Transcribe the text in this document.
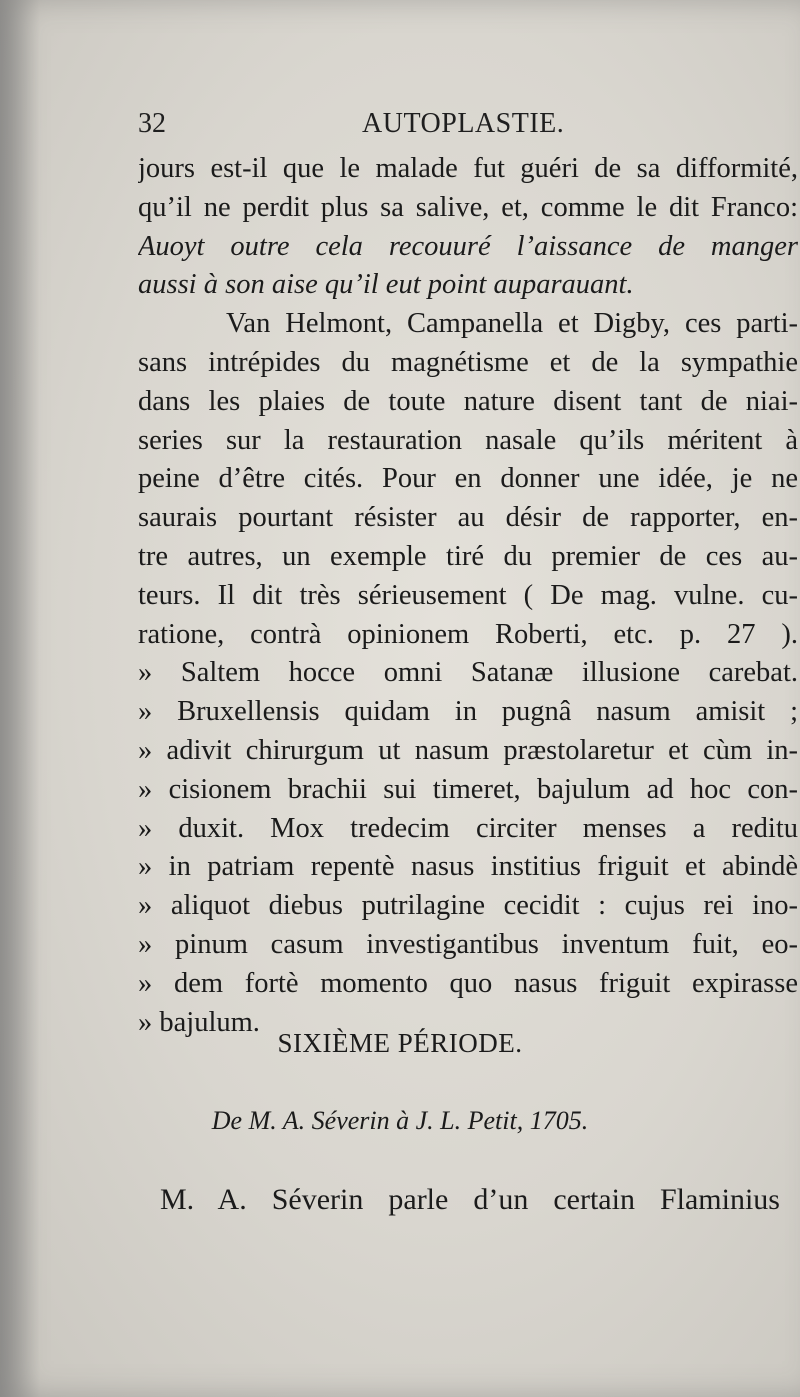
32	AUTOPLASTIE.
jours est-il que le malade fut guéri de sa difformité,
qu’il ne perdit plus sa salive, et, comme le dit Franco:
Auoyt outre cela recouuré l’aissance de manger
aussi à son aise qu’il eut point auparauant.
Van Helmont, Campanella et Digby, ces parti-
sans intrépides du magnétisme et de la sympathie
dans les plaies de toute nature disent tant de niai-
series sur la restauration nasale qu’ils méritent à
peine d’être cités. Pour en donner une idée, je ne
saurais pourtant résister au désir de rapporter, en-
tre autres, un exemple tiré du premier de ces au-
teurs. Il dit très sérieusement ( De mag. vulne. cu-
ratione, contrà opinionem Roberti, etc. p. 27 ).
» Saltem hocce omni Satanæ illusione carebat.
» Bruxellensis quidam in pugnâ nasum amisit ;
» adivit chirurgum ut nasum præstolaretur et cùm in-
» cisionem brachii sui timeret, bajulum ad hoc con-
» duxit. Mox tredecim circiter menses a reditu
» in patriam repentè nasus institius friguit et abindè
» aliquot diebus putrilagine cecidit : cujus rei ino-
» pinum casum investigantibus inventum fuit, eo-
» dem fortè momento quo nasus friguit expirasse
» bajulum.
SIXIÈME PÉRIODE.
De M. A. Séverin à J. L. Petit, 1705.
M. A. Séverin parle d’un certain Flaminius
